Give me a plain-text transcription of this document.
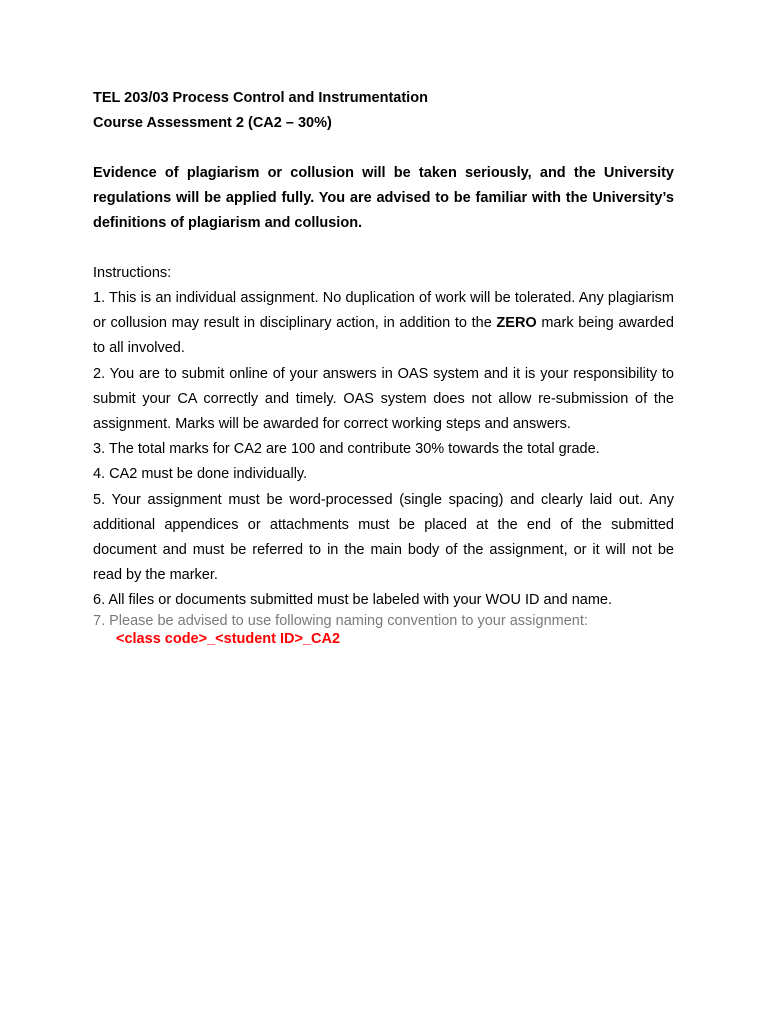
TEL 203/03 Process Control and Instrumentation

Course Assessment 2 (CA2 – 30%)

Evidence of plagiarism or collusion will be taken seriously, and the University regulations will be applied fully. You are advised to be familiar with the University’s definitions of plagiarism and collusion.

Instructions:

1. This is an individual assignment. No duplication of work will be tolerated. Any plagiarism or collusion may result in disciplinary action, in addition to the ZERO mark being awarded to all involved.

2. You are to submit online of your answers in OAS system and it is your responsibility to submit your CA correctly and timely. OAS system does not allow re-submission of the assignment. Marks will be awarded for correct working steps and answers.

3. The total marks for CA2 are 100 and contribute 30% towards the total grade.

4. CA2 must be done individually.

5. Your assignment must be word-processed (single spacing) and clearly laid out. Any additional appendices or attachments must be placed at the end of the submitted document and must be referred to in the main body of the assignment, or it will not be read by the marker.

6. All files or documents submitted must be labeled with your WOU ID and name.

7. Please be advised to use following naming convention to your assignment:

<class code>_<student ID>_CA2
